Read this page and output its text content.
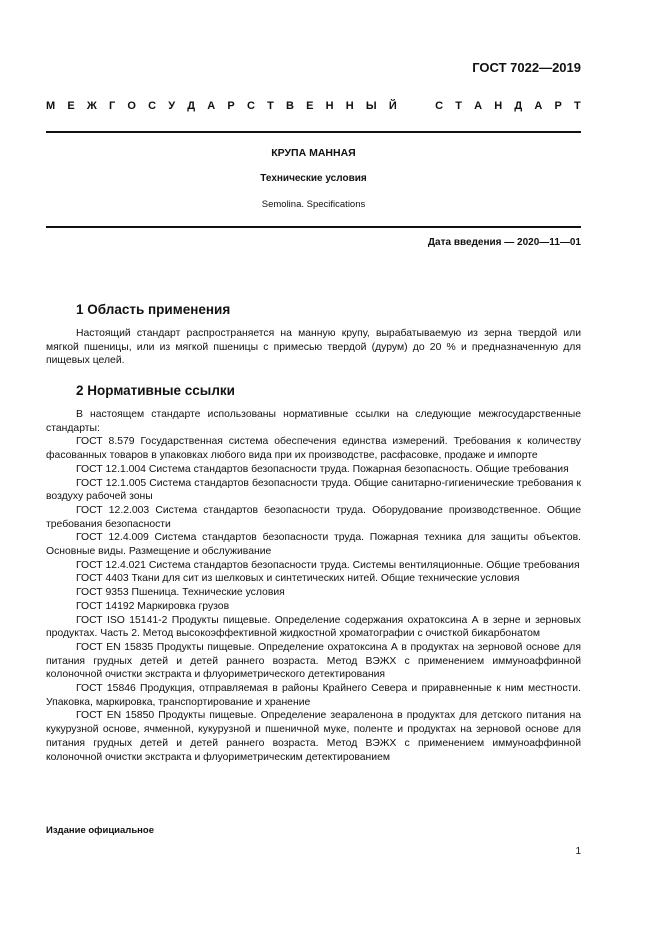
ГОСТ 7022—2019
М Е Ж Г О С У Д А Р С Т В Е Н Н Ы Й	С Т А Н Д А Р Т
КРУПА МАННАЯ
Технические условия
Semolina. Specifications
Дата введения — 2020—11—01
1 Область применения

Настоящий стандарт распространяется на манную крупу, вырабатываемую из зерна твердой или мягкой пшеницы, или из мягкой пшеницы с примесью твердой (дурум) до 20 % и предназначенную для пищевых целей.

2 Нормативные ссылки

В настоящем стандарте использованы нормативные ссылки на следующие межгосударственные стандарты:

ГОСТ 8.579 Государственная система обеспечения единства измерений. Требования к количеству фасованных товаров в упаковках любого вида при их производстве, расфасовке, продаже и импорте

ГОСТ 12.1.004 Система стандартов безопасности труда. Пожарная безопасность. Общие требования

ГОСТ 12.1.005 Система стандартов безопасности труда. Общие санитарно-гигиенические требования к воздуху рабочей зоны

ГОСТ 12.2.003 Система стандартов безопасности труда. Оборудование производственное. Общие требования безопасности

ГОСТ 12.4.009 Система стандартов безопасности труда. Пожарная техника для защиты объектов. Основные виды. Размещение и обслуживание

ГОСТ 12.4.021 Система стандартов безопасности труда. Системы вентиляционные. Общие требования

ГОСТ 4403 Ткани для сит из шелковых и синтетических нитей. Общие технические условия

ГОСТ 9353 Пшеница. Технические условия

ГОСТ 14192 Маркировка грузов

ГОСТ ISO 15141-2 Продукты пищевые. Определение содержания охратоксина А в зерне и зерновых продуктах. Часть 2. Метод высокоэффективной жидкостной хроматографии с очисткой бикарбонатом

ГОСТ EN 15835 Продукты пищевые. Определение охратоксина А в продуктах на зерновой основе для питания грудных детей и детей раннего возраста. Метод ВЭЖХ с применением иммуноаффинной колоночной очистки экстракта и флуориметрического детектирования

ГОСТ 15846 Продукция, отправляемая в районы Крайнего Севера и приравненные к ним местности. Упаковка, маркировка, транспортирование и хранение

ГОСТ EN 15850 Продукты пищевые. Определение зеараленона в продуктах для детского питания на кукурузной основе, ячменной, кукурузной и пшеничной муке, поленте и продуктах на зерновой основе для питания грудных детей и детей раннего возраста. Метод ВЭЖХ с применением иммуноаффинной колоночной очистки экстракта и флуориметрическим детектированием

Издание официальное
1
